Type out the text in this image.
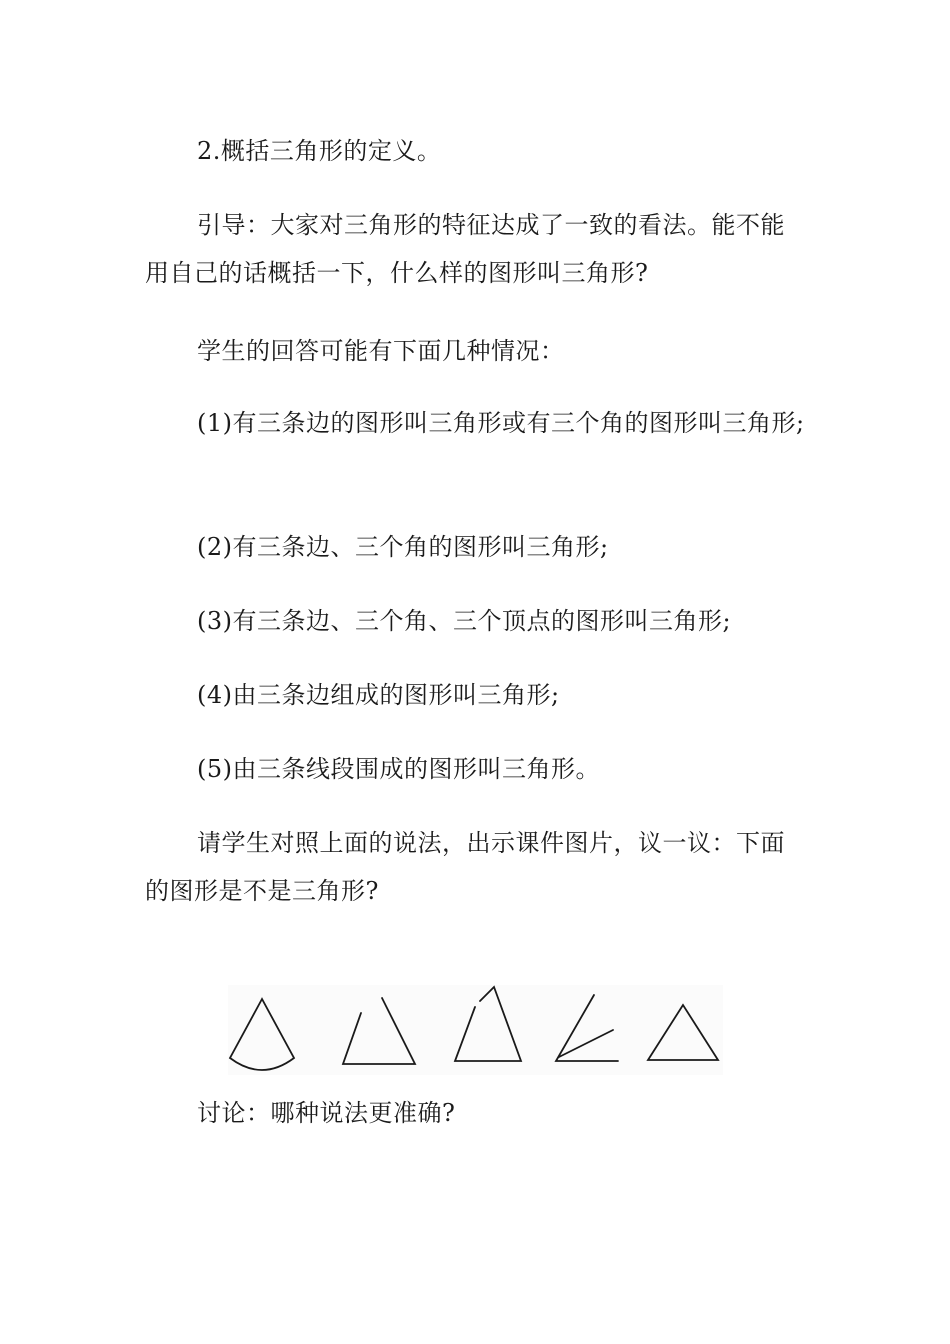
2.概括三角形的定义。

引导：大家对三角形的特征达成了一致的看法。能不能用自己的话概括一下，什么样的图形叫三角形?

学生的回答可能有下面几种情况：

(1)有三条边的图形叫三角形或有三个角的图形叫三角形;

(2)有三条边、三个角的图形叫三角形;

(3)有三条边、三个角、三个顶点的图形叫三角形;

(4)由三条边组成的图形叫三角形;

(5)由三条线段围成的图形叫三角形。

请学生对照上面的说法，出示课件图片，议一议：下面的图形是不是三角形?

讨论：哪种说法更准确?
